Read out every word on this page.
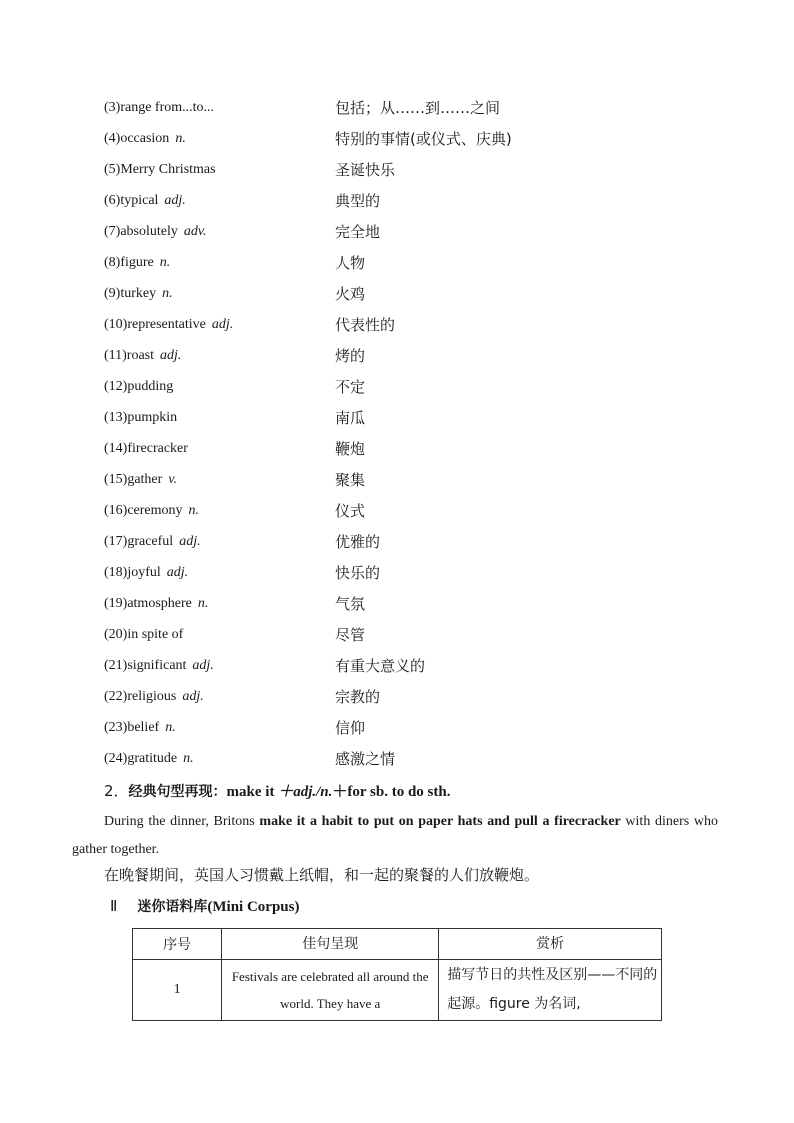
(3)range from...to...	包括；从……到……之间
(4)occasion n.	特别的事情(或仪式、庆典)
(5)Merry Christmas	圣诞快乐
(6)typical adj.	典型的
(7)absolutely adv.	完全地
(8)figure n.	人物
(9)turkey n.	火鸡
(10)representative adj.	代表性的
(11)roast adj.	烤的
(12)pudding	不定
(13)pumpkin	南瓜
(14)firecracker	鞭炮
(15)gather v.	聚集
(16)ceremony n.	仪式
(17)graceful adj.	优雅的
(18)joyful adj.	快乐的
(19)atmosphere n.	气氛
(20)in spite of	尽管
(21)significant adj.	有重大意义的
(22)religious adj.	宗教的
(23)belief n.	信仰
(24)gratitude n.	感激之情
2．经典句型再现：make it ＋adj./n.＋for sb. to do sth.
During the dinner, Britons make it a habit to put on paper hats and pull a firecracker with diners who gather together.
在晚餐期间，英国人习惯戴上纸帽，和一起的聚餐的人们放鞭炮。
Ⅱ 迷你语料库(Mini Corpus)
序号	佳句呈现	赏析
1	Festivals are celebrated all around the world. They have a	描写节日的共性及区别——不同的起源。figure 为名词,
